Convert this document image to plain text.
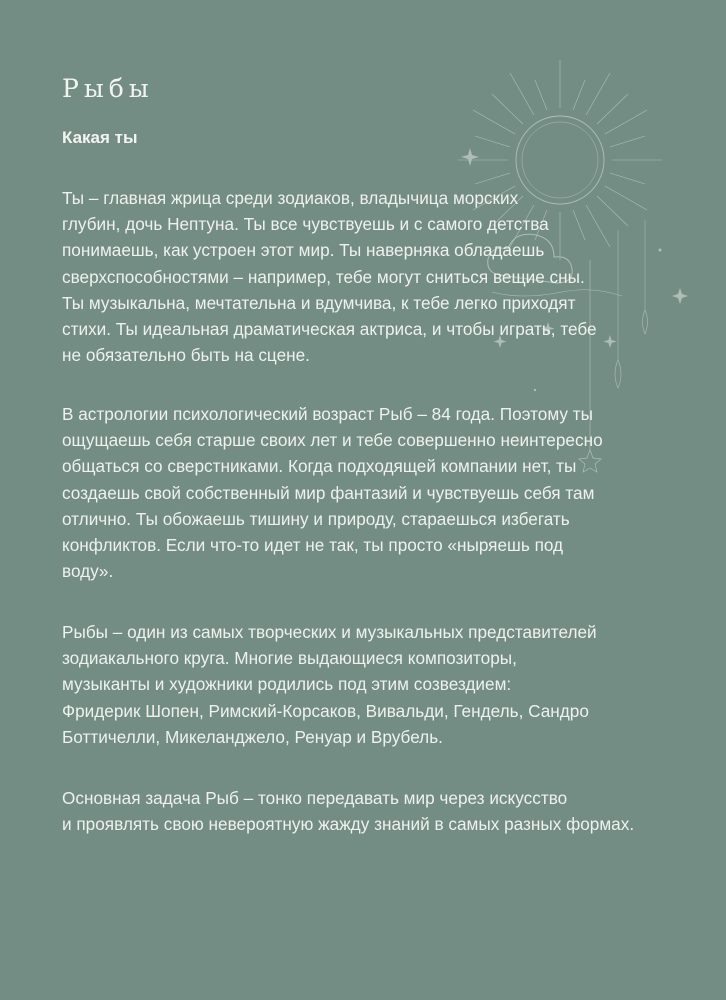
Рыбы
Какая ты

Ты – главная жрица среди зодиаков, владычица морских
глубин, дочь Нептуна. Ты все чувствуешь и с самого детства
понимаешь, как устроен этот мир. Ты наверняка обладаешь
сверхспособностями – например, тебе могут сниться вещие сны.
Ты музыкальна, мечтательна и вдумчива, к тебе легко приходят
стихи. Ты идеальная драматическая актриса, и чтобы играть, тебе
не обязательно быть на сцене.

В астрологии психологический возраст Рыб – 84 года. Поэтому ты
ощущаешь себя старше своих лет и тебе совершенно неинтересно
общаться со сверстниками. Когда подходящей компании нет, ты
создаешь свой собственный мир фантазий и чувствуешь себя там
отлично. Ты обожаешь тишину и природу, стараешься избегать
конфликтов. Если что-то идет не так, ты просто «ныряешь под
воду».

Рыбы – один из самых творческих и музыкальных представителей
зодиакального круга. Многие выдающиеся композиторы,
музыканты и художники родились под этим созвездием:
Фридерик Шопен, Римский-Корсаков, Вивальди, Гендель, Сандро
Боттичелли, Микеланджело, Ренуар и Врубель.

Основная задача Рыб – тонко передавать мир через искусство
и проявлять свою невероятную жажду знаний в самых разных формах.
